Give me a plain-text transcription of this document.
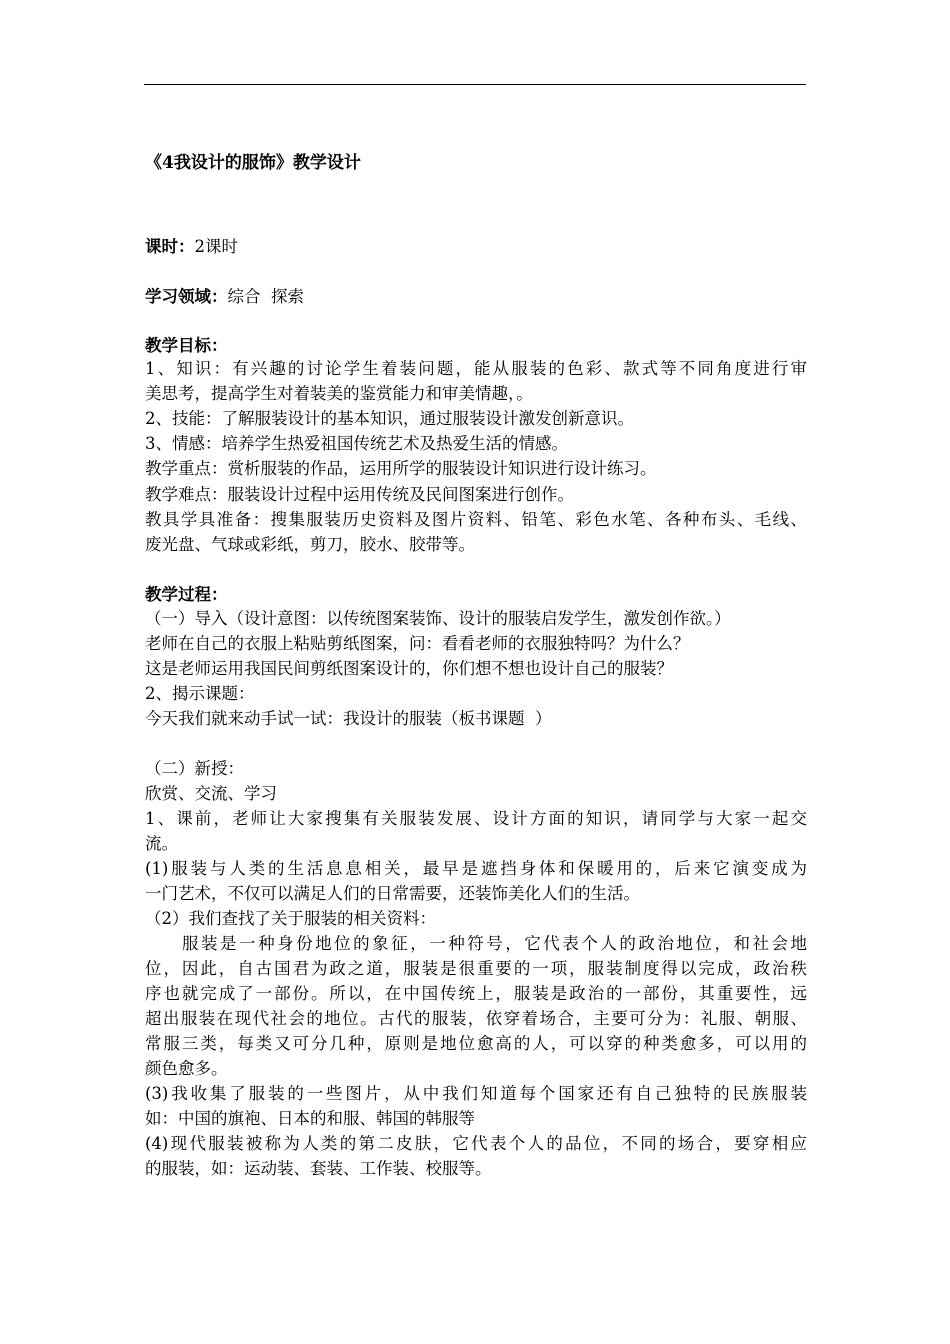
《4我设计的服饰》教学设计
课时：2课时
学习领域：综合  探索
教学目标：
1、知识：有兴趣的讨论学生着装问题，能从服装的色彩、款式等不同角度进行审
美思考，提高学生对着装美的鉴赏能力和审美情趣，。
2、技能：了解服装设计的基本知识，通过服装设计激发创新意识。
3、情感：培养学生热爱祖国传统艺术及热爱生活的情感。
教学重点：赏析服装的作品，运用所学的服装设计知识进行设计练习。
教学难点：服装设计过程中运用传统及民间图案进行创作。
教具学具准备：搜集服装历史资料及图片资料、铅笔、彩色水笔、各种布头、毛线、
废光盘、气球或彩纸，剪刀，胶水、胶带等。
教学过程：
（一）导入（设计意图：以传统图案装饰、设计的服装启发学生，激发创作欲。）
老师在自己的衣服上粘贴剪纸图案，问：看看老师的衣服独特吗？为什么？
这是老师运用我国民间剪纸图案设计的，你们想不想也设计自己的服装？
2、揭示课题：
今天我们就来动手试一试：我设计的服装（板书课题  ）
（二）新授：
欣赏、交流、学习
1、课前，老师让大家搜集有关服装发展、设计方面的知识，请同学与大家一起交
流。
(1)服装与人类的生活息息相关，最早是遮挡身体和保暖用的，后来它演变成为
一门艺术，不仅可以满足人们的日常需要，还装饰美化人们的生活。
（2）我们查找了关于服装的相关资料：
服装是一种身份地位的象征，一种符号，它代表个人的政治地位，和社会地
位，因此，自古国君为政之道，服装是很重要的一项，服装制度得以完成，政治秩
序也就完成了一部份。所以，在中国传统上，服装是政治的一部份，其重要性，远
超出服装在现代社会的地位。古代的服装，依穿着场合，主要可分为：礼服、朝服、
常服三类，每类又可分几种，原则是地位愈高的人，可以穿的种类愈多，可以用的
颜色愈多。
(3)我收集了服装的一些图片，从中我们知道每个国家还有自己独特的民族服装
如：中国的旗袍、日本的和服、韩国的韩服等
(4)现代服装被称为人类的第二皮肤，它代表个人的品位，不同的场合，要穿相应
的服装，如：运动装、套装、工作装、校服等。
